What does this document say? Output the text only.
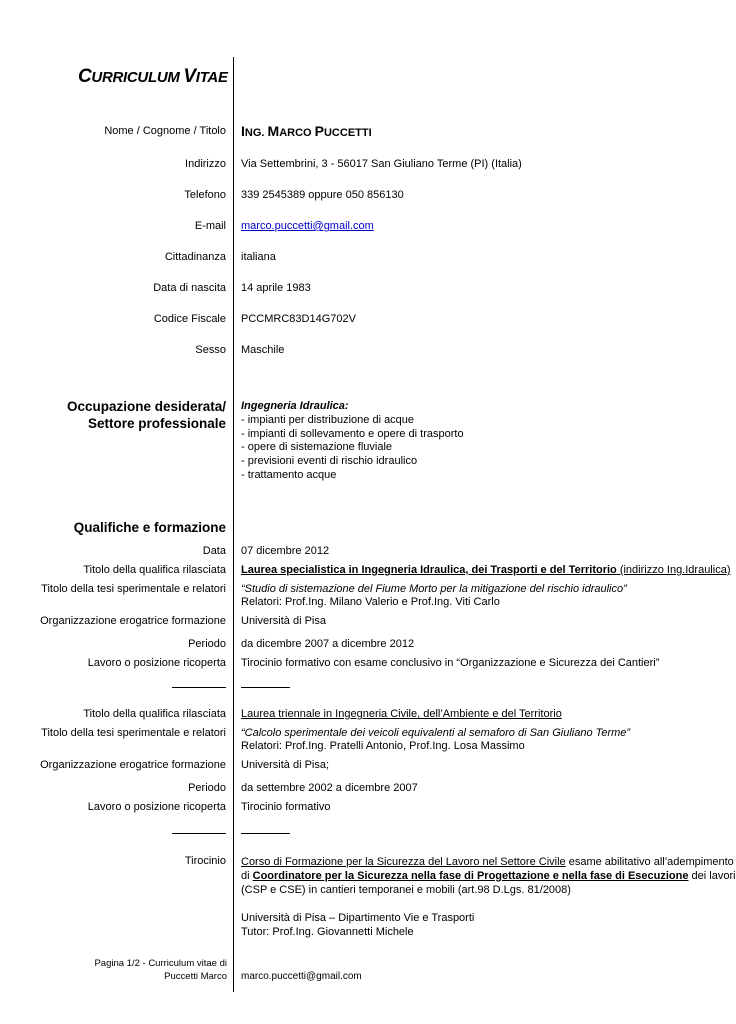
CURRICULUM VITAE
Nome / Cognome / Titolo ING. MARCO PUCCETTI
Indirizzo Via Settembrini, 3 - 56017 San Giuliano Terme (PI) (Italia)
Telefono 339 2545389 oppure 050 856130
E-mail marco.puccetti@gmail.com
Cittadinanza italiana
Data di nascita 14 aprile 1983
Codice Fiscale PCCMRC83D14G702V
Sesso Maschile
Occupazione desiderata/
Settore professionale
Ingegneria Idraulica:
- impianti per distribuzione di acque
- impianti di sollevamento e opere di trasporto
- opere di sistemazione fluviale
- previsioni eventi di rischio idraulico
- trattamento acque
Qualifiche e formazione
Data 07 dicembre 2012
Titolo della qualifica rilasciata Laurea specialistica in Ingegneria Idraulica, dei Trasporti e del Territorio (indirizzo Ing.Idraulica)
Titolo della tesi sperimentale e relatori “Studio di sistemazione del Fiume Morto per la mitigazione del rischio idraulico”
Relatori: Prof.Ing. Milano Valerio e Prof.Ing. Viti Carlo
Organizzazione erogatrice formazione Università di Pisa
Periodo da dicembre 2007 a dicembre 2012
Lavoro o posizione ricoperta Tirocinio formativo con esame conclusivo in “Organizzazione e Sicurezza dei Cantieri”
Titolo della qualifica rilasciata Laurea triennale in Ingegneria Civile, dell’Ambiente e del Territorio
Titolo della tesi sperimentale e relatori “Calcolo sperimentale dei veicoli equivalenti al semaforo di San Giuliano Terme”
Relatori: Prof.Ing. Pratelli Antonio, Prof.Ing. Losa Massimo
Organizzazione erogatrice formazione Università di Pisa;
Periodo da settembre 2002 a dicembre 2007
Lavoro o posizione ricoperta Tirocinio formativo
Tirocinio Corso di Formazione per la Sicurezza del Lavoro nel Settore Civile esame abilitativo all’adempimento
di Coordinatore per la Sicurezza nella fase di Progettazione e nella fase di Esecuzione dei lavori
(CSP e CSE) in cantieri temporanei e mobili (art.98 D.Lgs. 81/2008)
Università di Pisa – Dipartimento Vie e Trasporti
Tutor: Prof.Ing. Giovannetti Michele
Pagina 1/2 - Curriculum vitae di
Puccetti Marco marco.puccetti@gmail.com
